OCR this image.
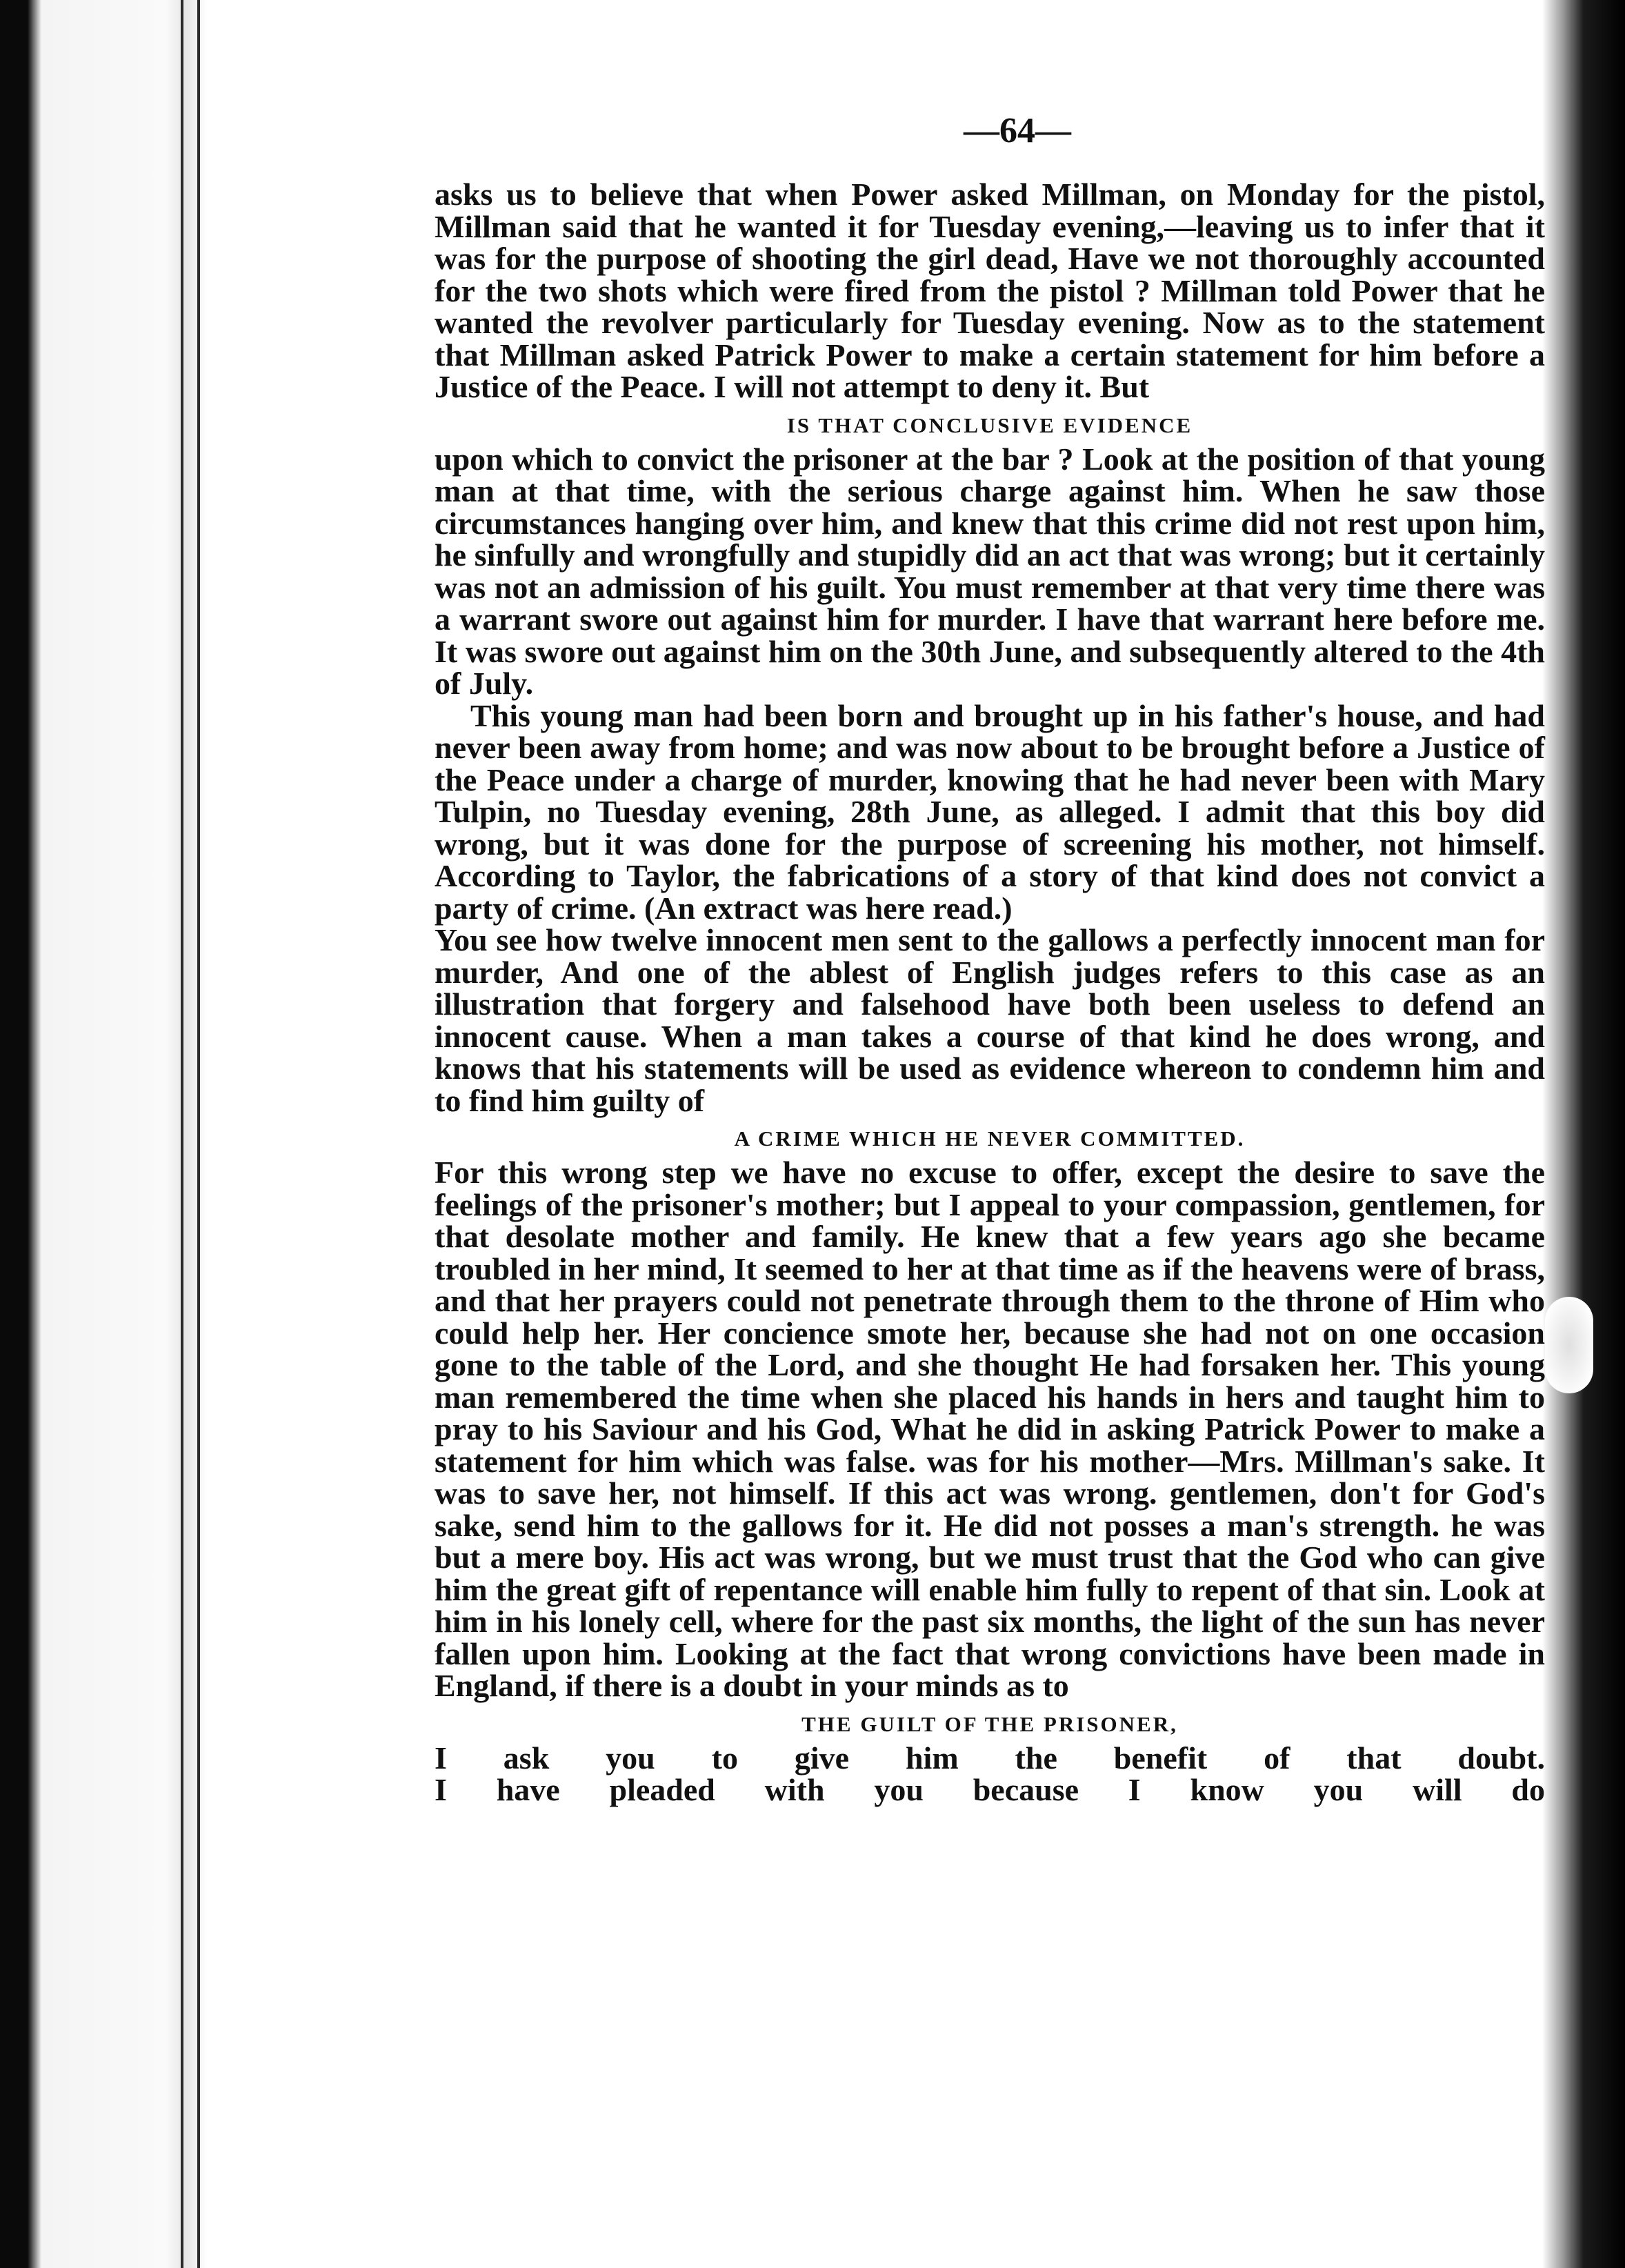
—64—

asks us to believe that when Power asked Millman, on Monday for the pistol, Millman said that he wanted it for Tuesday evening,—leaving us to infer that it was for the purpose of shooting the girl dead, Have we not thoroughly accounted for the two shots which were fired from the pistol ? Millman told Power that he wanted the revolver particularly for Tuesday evening. Now as to the statement that Millman asked Patrick Power to make a certain statement for him before a Justice of the Peace. I will not attempt to deny it. But

IS THAT CONCLUSIVE EVIDENCE

upon which to convict the prisoner at the bar ? Look at the position of that young man at that time, with the serious charge against him. When he saw those circumstances hanging over him, and knew that this crime did not rest upon him, he sinfully and wrongfully and stupidly did an act that was wrong; but it certainly was not an admission of his guilt. You must remember at that very time there was a warrant swore out against him for murder. I have that warrant here before me. It was swore out against him on the 30th June, and subsequently altered to the 4th of July.

This young man had been born and brought up in his father's house, and had never been away from home; and was now about to be brought before a Justice of the Peace under a charge of murder, knowing that he had never been with Mary Tulpin, no Tuesday evening, 28th June, as alleged. I admit that this boy did wrong, but it was done for the purpose of screening his mother, not himself. According to Taylor, the fabrications of a story of that kind does not convict a party of crime. (An extract was here read.)

You see how twelve innocent men sent to the gallows a perfectly innocent man for murder, And one of the ablest of English judges refers to this case as an illustration that forgery and falsehood have both been useless to defend an innocent cause. When a man takes a course of that kind he does wrong, and knows that his statements will be used as evidence whereon to condemn him and to find him guilty of

A CRIME WHICH HE NEVER COMMITTED.

For this wrong step we have no excuse to offer, except the desire to save the feelings of the prisoner's mother; but I appeal to your compassion, gentlemen, for that desolate mother and family. He knew that a few years ago she became troubled in her mind, It seemed to her at that time as if the heavens were of brass, and that her prayers could not penetrate through them to the throne of Him who could help her. Her concience smote her, because she had not on one occasion gone to the table of the Lord, and she thought He had forsaken her. This young man remembered the time when she placed his hands in hers and taught him to pray to his Saviour and his God, What he did in asking Patrick Power to make a statement for him which was false. was for his mother—Mrs. Millman's sake. It was to save her, not himself. If this act was wrong. gentlemen, don't for God's sake, send him to the gallows for it. He did not posses a man's strength. he was but a mere boy. His act was wrong, but we must trust that the God who can give him the great gift of repentance will enable him fully to repent of that sin. Look at him in his lonely cell, where for the past six months, the light of the sun has never fallen upon him. Looking at the fact that wrong convictions have been made in England, if there is a doubt in your minds as to

THE GUILT OF THE PRISONER,

I ask you to give him the benefit of that doubt.

I have pleaded with you because I know you will do
